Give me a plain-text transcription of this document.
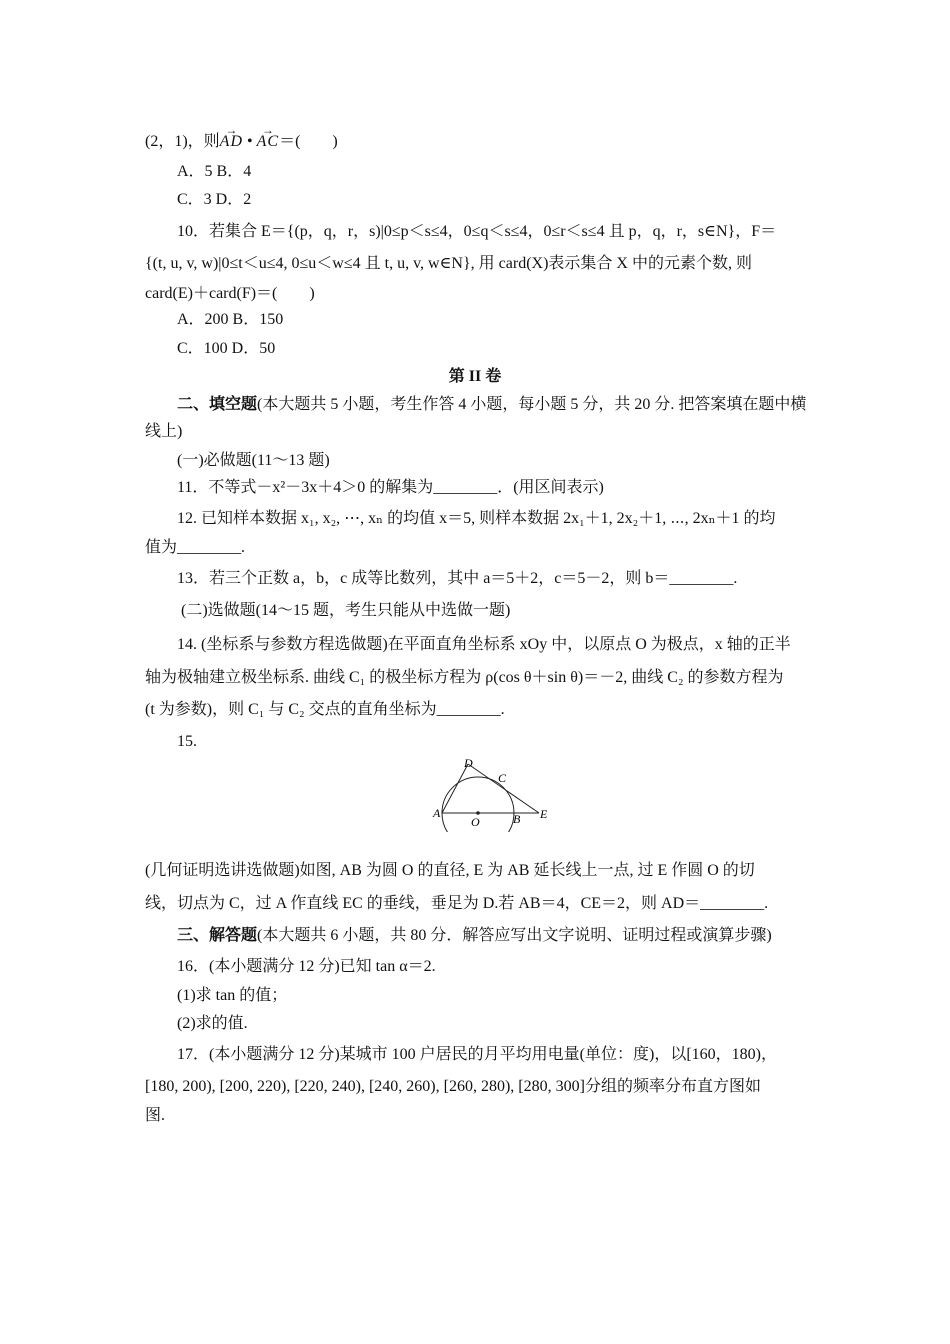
(2，1)，则→ AD • → AC＝(　　)
A．5 B．4
C．3 D．2
10．若集合 E＝{(p，q，r，s)|0≤p＜s≤4，0≤q＜s≤4，0≤r＜s≤4 且 p，q，r，s∈N}，F＝
{(t, u, v, w)|0≤t＜u≤4, 0≤u＜w≤4 且 t, u, v, w∈N}, 用 card(X)表示集合 X 中的元素个数, 则
card(E)＋card(F)＝(　　)
A．200 B．150
C．100 D．50
第 II 卷
二、填空题(本大题共 5 小题，考生作答 4 小题，每小题 5 分，共 20 分. 把答案填在题中横
线上)
(一)必做题(11～13 题)
11．不等式－x²－3x＋4＞0 的解集为________．(用区间表示)
12. 已知样本数据 x₁, x₂, ⋯, xₙ 的均值 x＝5, 则样本数据 2x₁＋1, 2x₂＋1, ⋯, 2xₙ＋1 的均
值为________.
13．若三个正数 a，b，c 成等比数列，其中 a＝5＋2，c＝5－2，则 b＝________.
(二)选做题(14～15 题，考生只能从中选做一题)
14. (坐标系与参数方程选做题)在平面直角坐标系 xOy 中，以原点 O 为极点，x 轴的正半
轴为极轴建立极坐标系. 曲线 C₁ 的极坐标方程为 ρ(cos θ＋sin θ)＝－2, 曲线 C₂ 的参数方程为
(t 为参数)，则 C₁ 与 C₂ 交点的直角坐标为________.
15.
D
C
A
O	B E
(几何证明选讲选做题)如图, AB 为圆 O 的直径, E 为 AB 延长线上一点, 过 E 作圆 O 的切
线，切点为 C，过 A 作直线 EC 的垂线，垂足为 D.若 AB＝4，CE＝2，则 AD＝________.
三、解答题(本大题共 6 小题，共 80 分．解答应写出文字说明、证明过程或演算步骤)
16．(本小题满分 12 分)已知 tan α＝2.
(1)求 tan 的值；
(2)求的值.
17．(本小题满分 12 分)某城市 100 户居民的月平均用电量(单位：度)，以[160，180)，
[180, 200), [200, 220), [220, 240), [240, 260), [260, 280), [280, 300]分组的频率分布直方图如
图.
